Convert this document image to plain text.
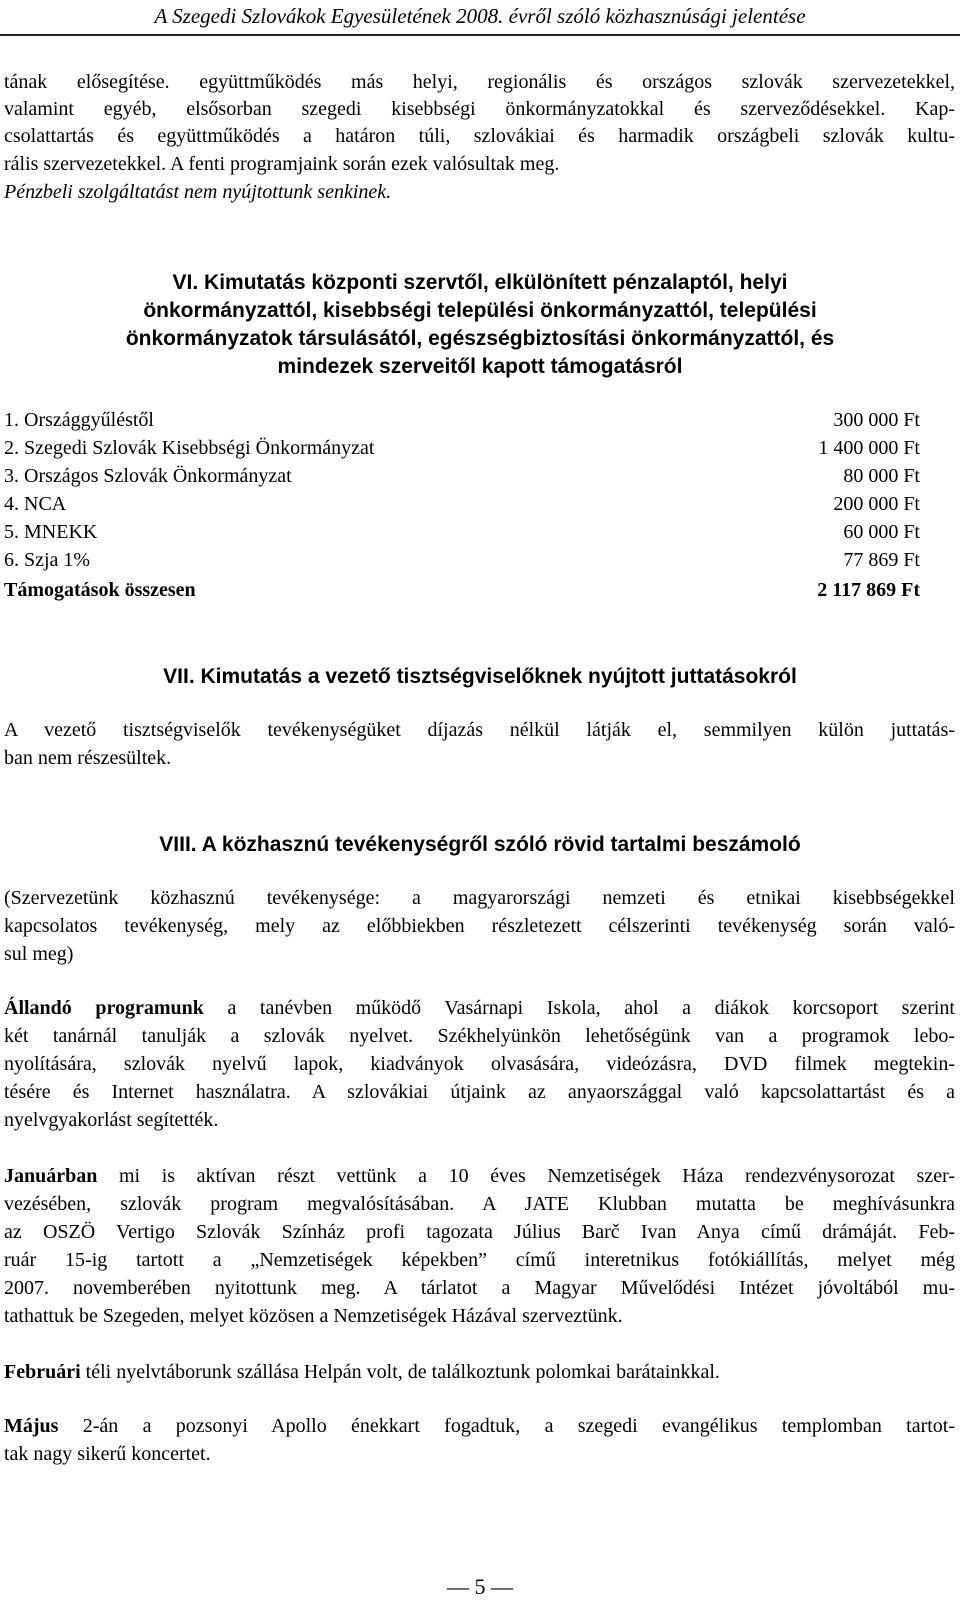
A Szegedi Szlovákok Egyesületének 2008. évről szóló közhasznúsági jelentése
tának elősegítése. együttműködés más helyi, regionális és országos szlovák szervezetekkel,
valamint egyéb, elsősorban szegedi kisebbségi önkormányzatokkal és szerveződésekkel. Kap-
csolattartás és együttműködés a határon túli, szlovákiai és harmadik országbeli szlovák kultu-
rális szervezetekkel. A fenti programjaink során ezek valósultak meg.
Pénzbeli szolgáltatást nem nyújtottunk senkinek.
VI. Kimutatás központi szervtől, elkülönített pénzalaptól, helyi
önkormányzattól, kisebbségi települési önkormányzattól, települési
önkormányzatok társulásától, egészségbiztosítási önkormányzattól, és
mindezek szerveitől kapott támogatásról
1. Országgyűléstől	300 000 Ft
2. Szegedi Szlovák Kisebbségi Önkormányzat	1 400 000 Ft
3. Országos Szlovák Önkormányzat	80 000 Ft
4. NCA	200 000 Ft
5. MNEKK	60 000 Ft
6. Szja 1%	77 869 Ft
Támogatások összesen	2 117 869 Ft
VII. Kimutatás a vezető tisztségviselőknek nyújtott juttatásokról
A vezető tisztségviselők tevékenységüket díjazás nélkül látják el, semmilyen külön juttatás-
ban nem részesültek.
VIII. A közhasznú tevékenységről szóló rövid tartalmi beszámoló
(Szervezetünk közhasznú tevékenysége: a magyarországi nemzeti és etnikai kisebbségekkel
kapcsolatos tevékenység, mely az előbbiekben részletezett célszerinti tevékenység során való-
sul meg)
Állandó programunk a tanévben működő Vasárnapi Iskola, ahol a diákok korcsoport szerint
két tanárnál tanulják a szlovák nyelvet. Székhelyünkön lehetőségünk van a programok lebo-
nyolítására, szlovák nyelvű lapok, kiadványok olvasására, videózásra, DVD filmek megtekin-
tésére és Internet használatra. A szlovákiai útjaink az anyaországgal való kapcsolattartást és a
nyelvgyakorlást segítették.
Januárban mi is aktívan részt vettünk a 10 éves Nemzetiségek Háza rendezvénysorozat szer-
vezésében, szlovák program megvalósításában. A JATE Klubban mutatta be meghívásunkra
az OSZÖ Vertigo Szlovák Színház profi tagozata Július Barč Ivan Anya című drámáját. Feb-
ruár 15-ig tartott a „Nemzetiségek képekben” című interetnikus fotókiállítás, melyet még
2007. novemberében nyitottunk meg. A tárlatot a Magyar Művelődési Intézet jóvoltából mu-
tathattuk be Szegeden, melyet közösen a Nemzetiségek Házával szerveztünk.
Februári téli nyelvtáborunk szállása Helpán volt, de találkoztunk polomkai barátainkkal.
Május 2-án a pozsonyi Apollo énekkart fogadtuk, a szegedi evangélikus templomban tartot-
tak nagy sikerű koncertet.
— 5 —
